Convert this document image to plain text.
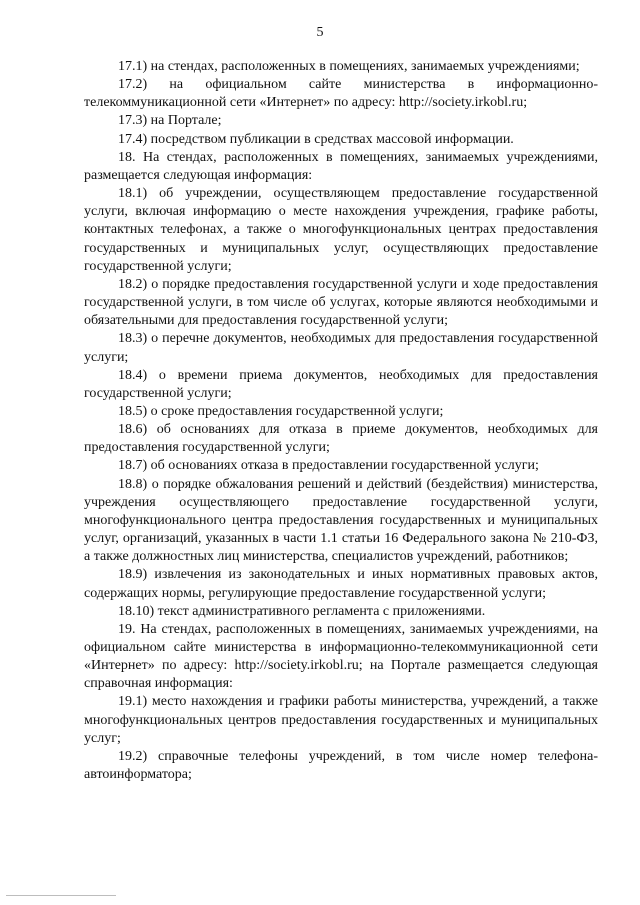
5

17.1) на стендах, расположенных в помещениях, занимаемых учреждениями;

17.2) на официальном сайте министерства в информационно-телекоммуникационной сети «Интернет» по адресу: http://society.irkobl.ru;

17.3) на Портале;

17.4) посредством публикации в средствах массовой информации.

18. На стендах, расположенных в помещениях, занимаемых учреждениями, размещается следующая информация:

18.1) об учреждении, осуществляющем предоставление государственной услуги, включая информацию о месте нахождения учреждения, графике работы, контактных телефонах, а также о многофункциональных центрах предоставления государственных и муниципальных услуг, осуществляющих предоставление государственной услуги;

18.2) о порядке предоставления государственной услуги и ходе предоставления государственной услуги, в том числе об услугах, которые являются необходимыми и обязательными для предоставления государственной услуги;

18.3) о перечне документов, необходимых для предоставления государственной услуги;

18.4) о времени приема документов, необходимых для предоставления государственной услуги;

18.5) о сроке предоставления государственной услуги;

18.6) об основаниях для отказа в приеме документов, необходимых для предоставления государственной услуги;

18.7) об основаниях отказа в предоставлении государственной услуги;

18.8) о порядке обжалования решений и действий (бездействия) министерства, учреждения осуществляющего предоставление государственной услуги, многофункционального центра предоставления государственных и муниципальных услуг, организаций, указанных в части 1.1 статьи 16 Федерального закона № 210-ФЗ, а также должностных лиц министерства, специалистов учреждений, работников;

18.9) извлечения из законодательных и иных нормативных правовых актов, содержащих нормы, регулирующие предоставление государственной услуги;

18.10) текст административного регламента с приложениями.

19. На стендах, расположенных в помещениях, занимаемых учреждениями, на официальном сайте министерства в информационно-телекоммуникационной сети «Интернет» по адресу: http://society.irkobl.ru; на Портале размещается следующая справочная информация:

19.1) место нахождения и графики работы министерства, учреждений, а также многофункциональных центров предоставления государственных и муниципальных услуг;

19.2) справочные телефоны учреждений, в том числе номер телефона-автоинформатора;
